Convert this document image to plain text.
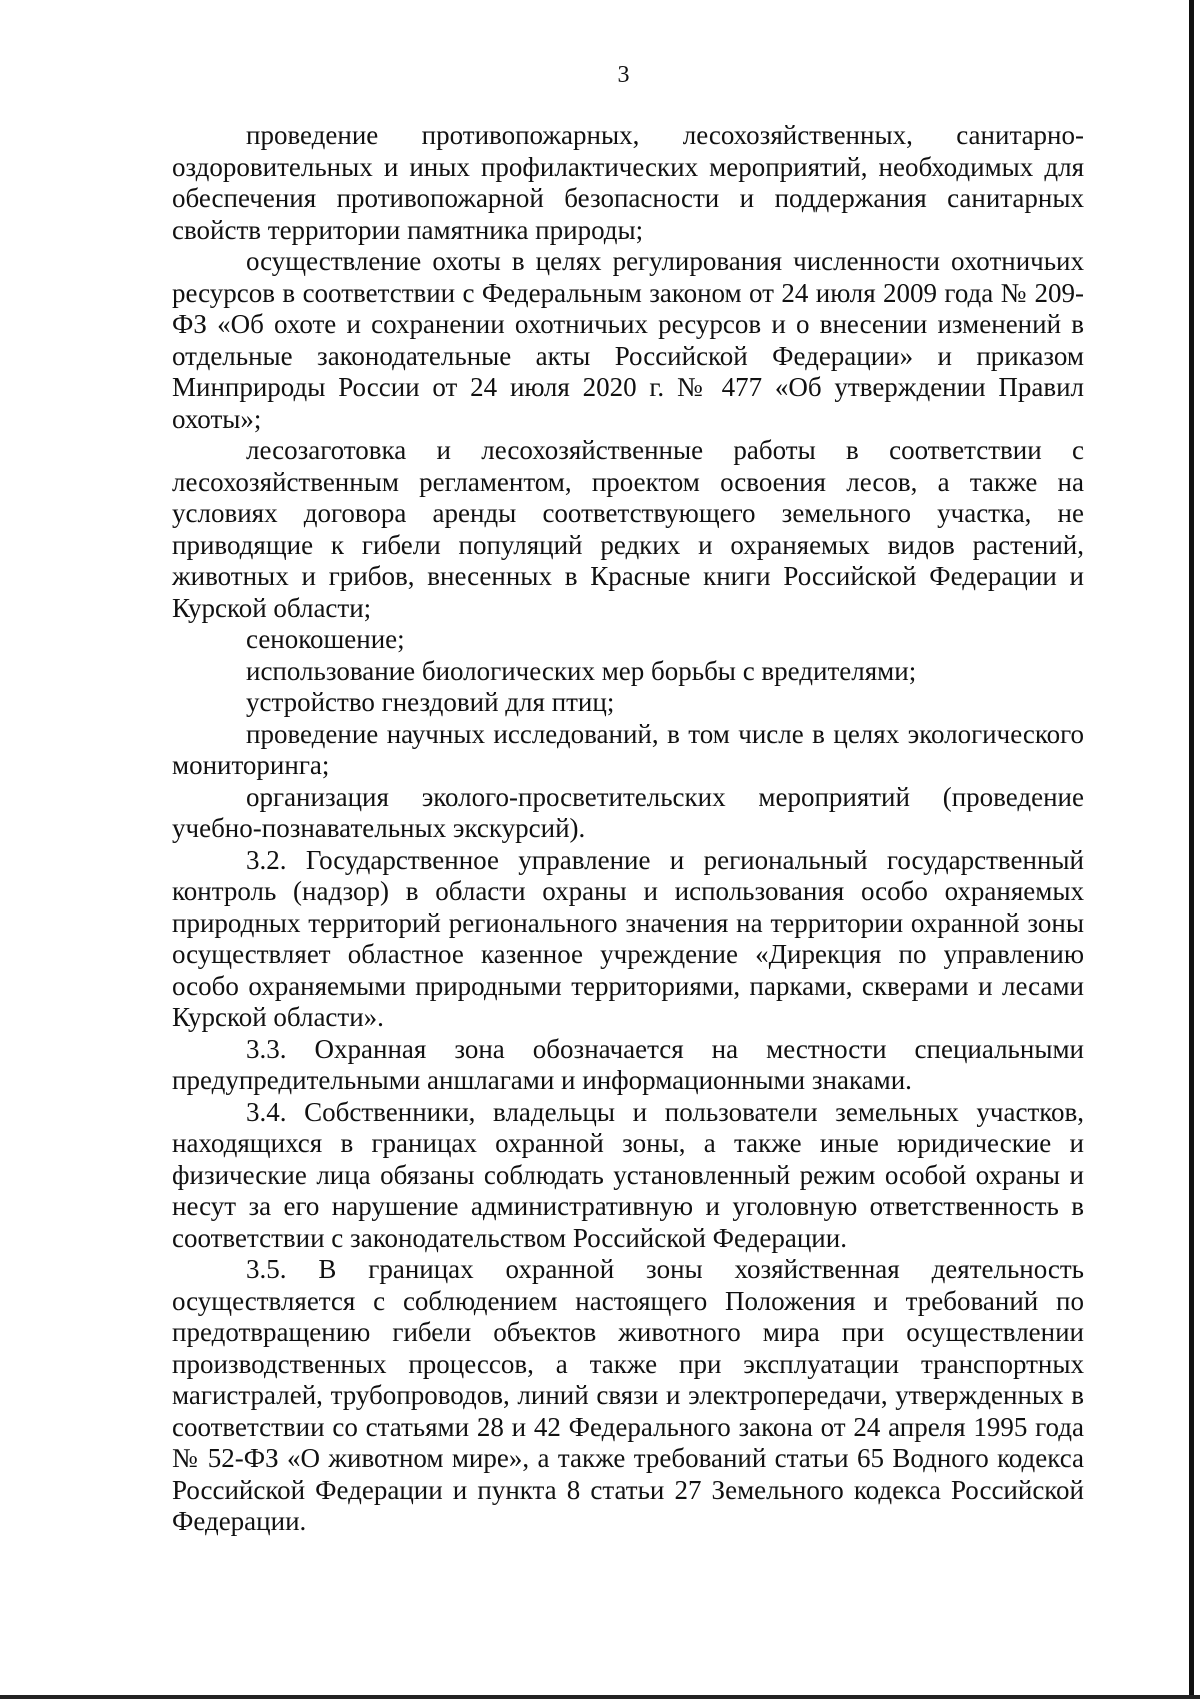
3

проведение противопожарных, лесохозяйственных, санитарно-оздоровительных и иных профилактических мероприятий, необходимых для обеспечения противопожарной безопасности и поддержания санитарных свойств территории памятника природы;

осуществление охоты в целях регулирования численности охотничьих ресурсов в соответствии с Федеральным законом от 24 июля 2009 года № 209-ФЗ «Об охоте и сохранении охотничьих ресурсов и о внесении изменений в отдельные законодательные акты Российской Федерации» и приказом Минприроды России от 24 июля 2020 г. № 477 «Об утверждении Правил охоты»;

лесозаготовка и лесохозяйственные работы в соответствии с лесохозяйственным регламентом, проектом освоения лесов, а также на условиях договора аренды соответствующего земельного участка, не приводящие к гибели популяций редких и охраняемых видов растений, животных и грибов, внесенных в Красные книги Российской Федерации и Курской области;

сенокошение;

использование биологических мер борьбы с вредителями;

устройство гнездовий для птиц;

проведение научных исследований, в том числе в целях экологического мониторинга;

организация эколого-просветительских мероприятий (проведение учебно-познавательных экскурсий).

3.2. Государственное управление и региональный государственный контроль (надзор) в области охраны и использования особо охраняемых природных территорий регионального значения на территории охранной зоны осуществляет областное казенное учреждение «Дирекция по управлению особо охраняемыми природными территориями, парками, скверами и лесами Курской области».

3.3. Охранная зона обозначается на местности специальными предупредительными аншлагами и информационными знаками.

3.4. Собственники, владельцы и пользователи земельных участков, находящихся в границах охранной зоны, а также иные юридические и физические лица обязаны соблюдать установленный режим особой охраны и несут за его нарушение административную и уголовную ответственность в соответствии с законодательством Российской Федерации.

3.5. В границах охранной зоны хозяйственная деятельность осуществляется с соблюдением настоящего Положения и требований по предотвращению гибели объектов животного мира при осуществлении производственных процессов, а также при эксплуатации транспортных магистралей, трубопроводов, линий связи и электропередачи, утвержденных в соответствии со статьями 28 и 42 Федерального закона от 24 апреля 1995 года № 52-ФЗ «О животном мире», а также требований статьи 65 Водного кодекса Российской Федерации и пункта 8 статьи 27 Земельного кодекса Российской Федерации.
